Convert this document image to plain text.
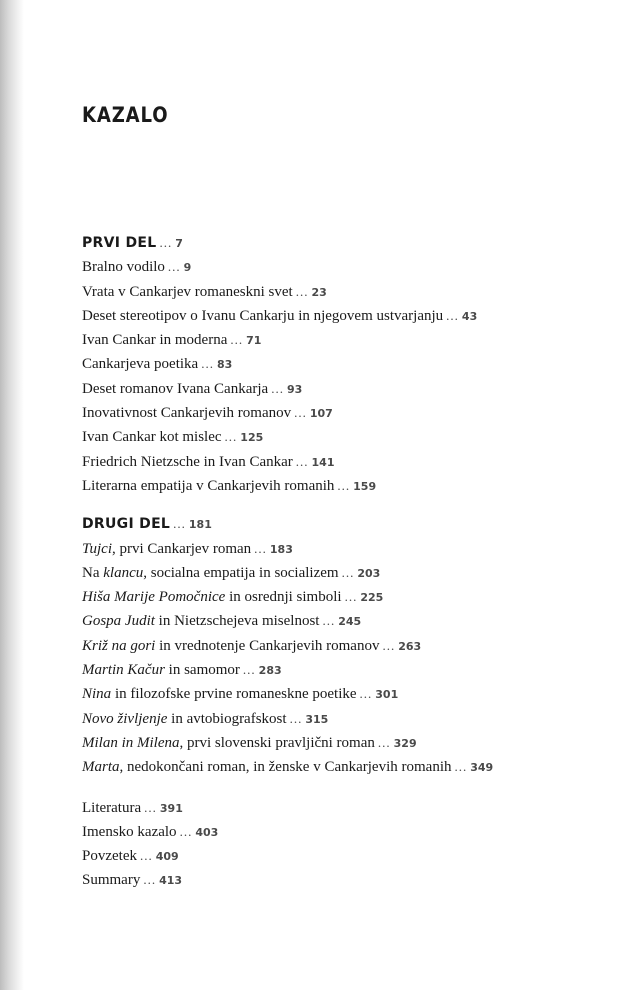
KAZALO
PRVI DEL ... 7
Bralno vodilo ... 9
Vrata v Cankarjev romaneskni svet ... 23
Deset stereotipov o Ivanu Cankarju in njegovem ustvarjanju ... 43
Ivan Cankar in moderna ... 71
Cankarjeva poetika ... 83
Deset romanov Ivana Cankarja ... 93
Inovativnost Cankarjevih romanov ... 107
Ivan Cankar kot mislec ... 125
Friedrich Nietzsche in Ivan Cankar ... 141
Literarna empatija v Cankarjevih romanih ... 159
DRUGI DEL ... 181
Tujci, prvi Cankarjev roman ... 183
Na klancu, socialna empatija in socializem ... 203
Hiša Marije Pomočnice in osrednji simboli ... 225
Gospa Judit in Nietzschejeva miselnost ... 245
Križ na gori in vrednotenje Cankarjevih romanov ... 263
Martin Kačur in samomor ... 283
Nina in filozofske prvine romaneskne poetike ... 301
Novo življenje in avtobiografskost ... 315
Milan in Milena, prvi slovenski pravljični roman ... 329
Marta, nedokončani roman, in ženske v Cankarjevih romanih ... 349
Literatura ... 391
Imensko kazalo ... 403
Povzetek ... 409
Summary ... 413
